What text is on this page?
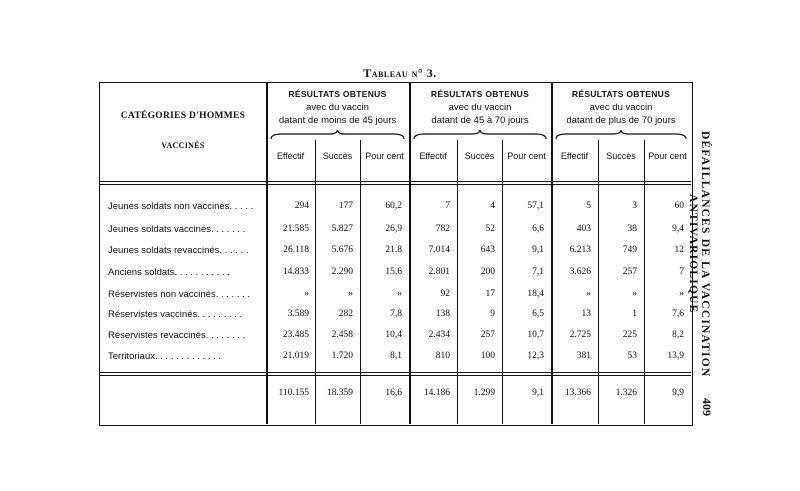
Tableau n° 3.
CATÉGORIES D'HOMMES
VACCINÉS
RÉSULTATS OBTENUS
avec du vaccin
datant de moins de 45 jours
RÉSULTATS OBTENUS
avec du vaccin
datant de 45 à 70 jours
RÉSULTATS OBTENUS
avec du vaccin
datant de plus de 70 jours
Effectif	Succès	Pour cent	Effectif	Succès	Pour cent	Effectif	Succès	Pour cent
Jeunes soldats non vaccinés. . . . .	294	177	60,2	7	4	57,1	5	3	60
Jeunes soldats vaccinés. . . . . . .	21.585	5.827	26,9	782	52	6,6	403	38	9,4
Jeunes soldats revaccinés. . . . . .	26.118	5.676	21.8	7.014	643	9,1	6.213	749	12
Anciens soldats. . . . . . . . . . .	14.833	2.290	15,6	2.801	200	7,1	3.626	257	7
Réservistes non vaccinés. . . . . . .	»	»	»	92	17	18,4	»	»	»
Réservistes vaccinés. . . . . . . . .	3.589	282	7,8	138	9	6,5	13	1	7,6
Réservistes revaccinés. . . . . . . .	23.485	2.458	10,4	2.434	257	10,7	2.725	225	8,2
Territoriaux. . . . . . . . . . . . .	21.019	1.720	8,1	810	100	12,3	381	53	13,9
110.155	18.359	16,6	14.186	1.299	9,1	13.366	1.326	9,9
DÉFAILLANCES DE LA VACCINATION ANTIVARIOLIQUE
409
